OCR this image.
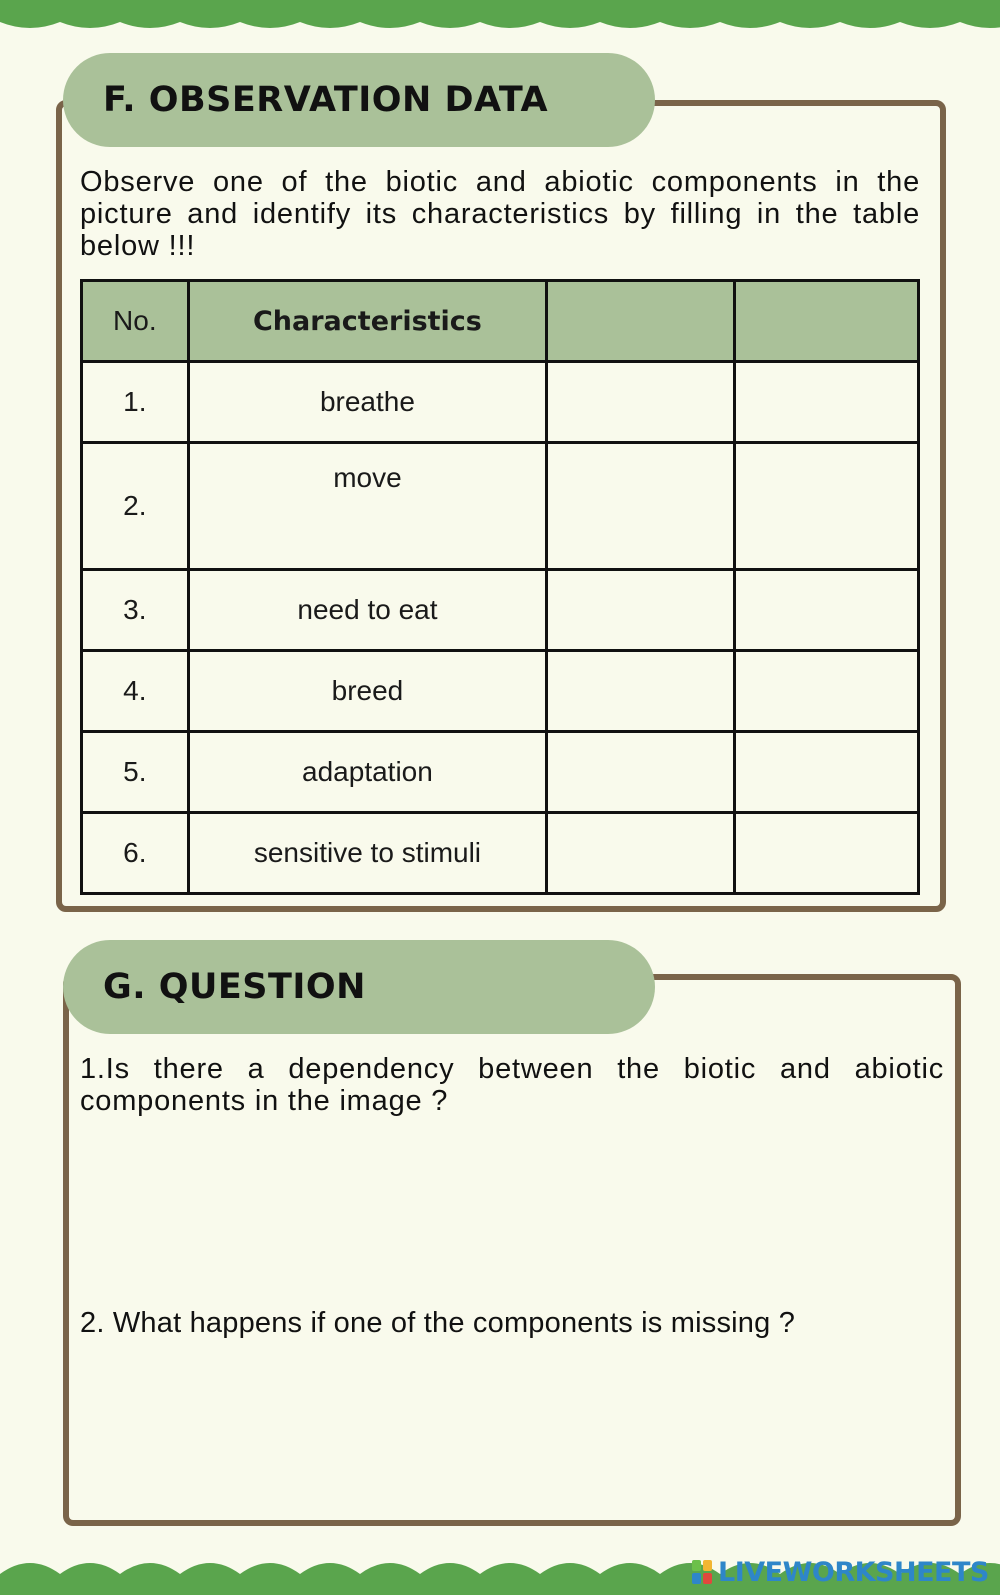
F. OBSERVATION DATA

Observe one of the biotic and abiotic components in the picture and identify its characteristics by filling in the table below !!!

No.	Characteristics		
1.	breathe		
2.	move		
3.	need to eat		
4.	breed		
5.	adaptation		
6.	sensitive to stimuli		
G. QUESTION

1.Is there a dependency between the biotic and abiotic components in the image ?

2. What happens if one of the components is missing ?

LIVEWORKSHEETS
